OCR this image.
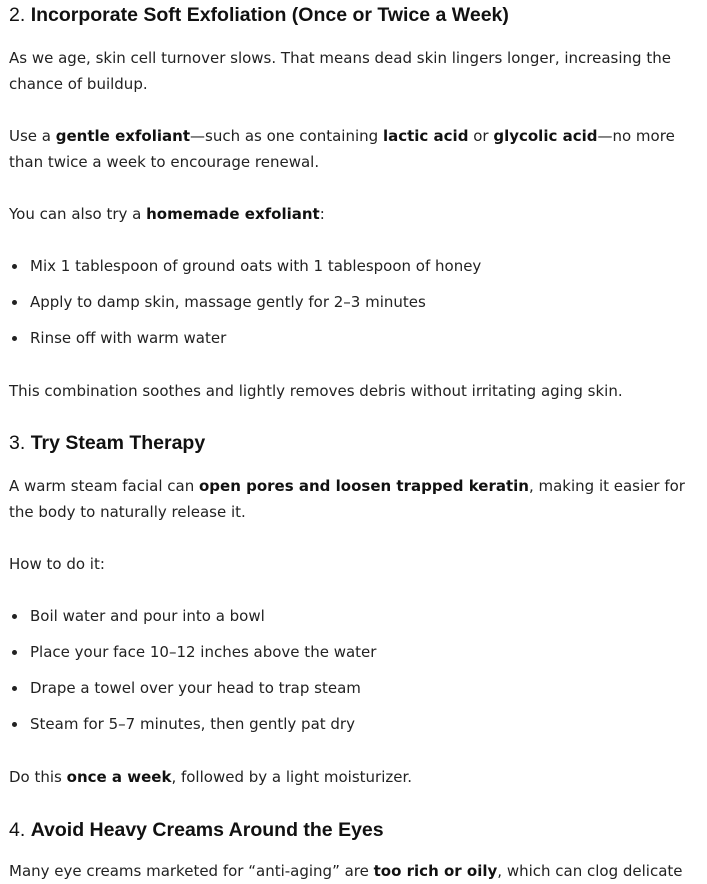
2. Incorporate Soft Exfoliation (Once or Twice a Week)

As we age, skin cell turnover slows. That means dead skin lingers longer, increasing the chance of buildup.

Use a gentle exfoliant—such as one containing lactic acid or glycolic acid—no more than twice a week to encourage renewal.

You can also try a homemade exfoliant:

Mix 1 tablespoon of ground oats with 1 tablespoon of honey
Apply to damp skin, massage gently for 2–3 minutes
Rinse off with warm water

This combination soothes and lightly removes debris without irritating aging skin.

3. Try Steam Therapy

A warm steam facial can open pores and loosen trapped keratin, making it easier for the body to naturally release it.

How to do it:

Boil water and pour into a bowl
Place your face 10–12 inches above the water
Drape a towel over your head to trap steam
Steam for 5–7 minutes, then gently pat dry

Do this once a week, followed by a light moisturizer.

4. Avoid Heavy Creams Around the Eyes

Many eye creams marketed for “anti-aging” are too rich or oily, which can clog delicate
